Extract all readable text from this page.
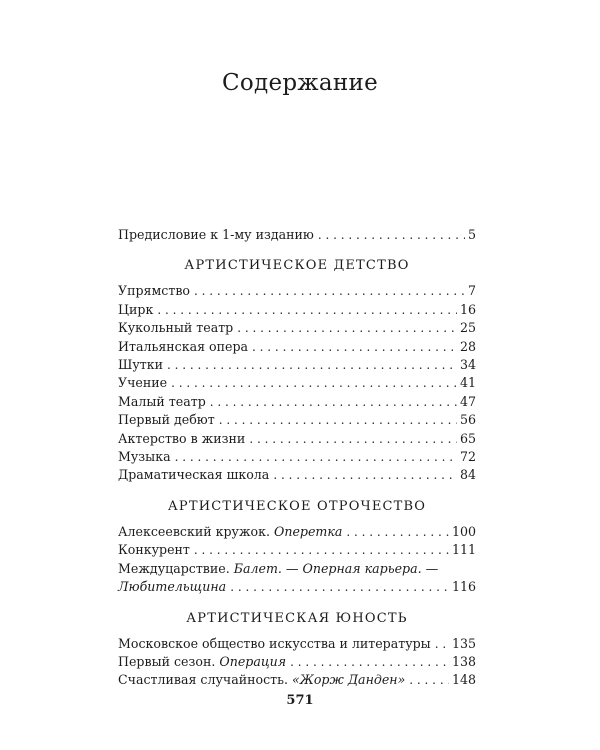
Содержание
Предисловие к 1-му изданию . . .	5
АРТИСТИЧЕСКОЕ ДЕТСТВО
Упрямство . . .	7
Цирк . . .	16
Кукольный театр . . .	25
Итальянская опера . . .	28
Шутки . . .	34
Учение . . .	41
Малый театр . . .	47
Первый дебют . . .	56
Актерство в жизни . . .	65
Музыка . . .	72
Драматическая школа . . .	84
АРТИСТИЧЕСКОЕ ОТРОЧЕСТВО
Алексеевский кружок. Оперетка . . .	100
Конкурент . . .	111
Междуцарствие. Балет. — Оперная карьера. —
Любительщина . . .	116
АРТИСТИЧЕСКАЯ ЮНОСТЬ
Московское общество искусства и литературы . . . 135
Первый сезон. Операция . . .	138
Счастливая случайность. «Жорж Данден» . . .	148
571
